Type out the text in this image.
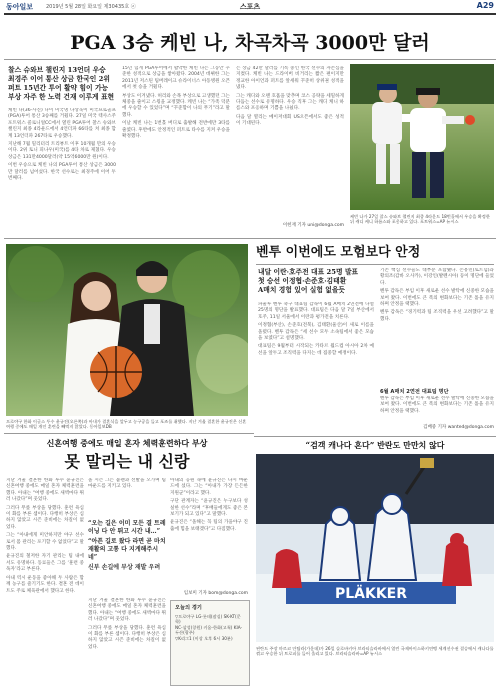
동아일보	2019년 5월 28일 화요일 제30435호 ⓐ	스포츠	A29
PGA 3승 케빈 나, 차곡차곡 3000만 달러
찰스 슈와브 챌린지 13언더 우승
최경주 이어 통산 상금 한국인 2위
퍼트 15년간 투어 활약 힘이 가능
부상 자주 한 노력 건재 이루게 표현

케빈 나(36·사진) 나이 미국명 나상욱이 미국프로골프(PGA)투어 통산 3승째를 거뒀다. 27일 미국 텍사스주 포트워스 콜로니얼CC에서 열린 PGA투어 찰스 슈와브 챌린지 최종 4라운드에서 4언더파 66타를 쳐 최종 합계 13언더파 267타로 우승했다.

지난해 7월 밀리터리 트리뷰트 이후 10개월 만의 우승이다. 2위 토니 피나우(미국)를 4타 차로 제쳤다. 우승 상금은 131만4000달러(약 15억6000만 원)이다.

이번 우승으로 케빈 나의 PGA투어 통산 상금은 3000만 달러를 넘어섰다. 한국 선수로는 최경주에 이어 두 번째다.

15년 넘게 PGA투어에서 활약한 케빈 나는 그동안 꾸준한 성적으로 상금을 쌓아왔다. 2004년 데뷔한 그는 2011년 저스틴 팀버레이크 슈라이너스 아동병원 오픈에서 첫 승을 거뒀다.

부상도 이겨냈다. 허리와 손목 부상으로 고생했던 그는 체중을 줄이고 스윙을 교정했다. 케빈 나는 “가족 덕분에 우승할 수 있었다”며 “꾸준함이 나의 무기”라고 말했다.

이날 케빈 나는 1번홀 버디로 출발해 전반에만 3타를 줄였다. 후반에도 안정적인 퍼트로 타수를 지켜 우승을 확정했다.

는 상금 42만 달러를 기록 중인 한국 선수의 자존심을 지켰다. 케빈 나는 드라이버 비거리는 짧은 편이지만 정교한 아이언과 퍼트를 앞세워 꾸준히 상위권 성적을 냈다.

그는 캐디와 오랜 호흡을 맞추며 코스 공략을 세밀하게 다듬는 선수로 유명하다. 우승 직후 그는 캐디 케니 하름스와 포옹하며 기쁨을 나눴다.

다음 달 열리는 메이저대회 US오픈에서도 좋은 성적이 기대된다.

이헌재 기자 uni@donga.com
케빈 나가 27일 찰스 슈와브 챌린지 최종 4라운드 18번홀에서 우승을 확정한 뒤 캐디 케니 하름스와 포옹하고 있다. 포트워스=AP 뉴시스
프로야구 한화 이글스 투수 윤규진(오른쪽)과 아내가 결혼식을 앞두고 농구공을 들고 포즈를 취했다. 지난 겨울 결혼한 윤규진은 신혼여행 중에도 매일 개인 훈련을 빼먹지 않았다. 동아일보DB
벤투 이번에도 모험보다 안정
내달 이란·호주전 대표 25명 발표
첫 승선 이정협·손준호·김태환
A매치 경험 있어 실험 없을듯

파울루 벤투 축구 대표팀 감독이 6월 A매치 2연전에 나설 25명의 명단을 발표했다. 대표팀은 다음 달 7일 부산에서 호주, 11일 서울에서 이란과 평가전을 치른다.

이정협(부산), 손준호(전북), 김태환(울산)이 새로 이름을 올렸다. 벤투 감독은 “세 선수 모두 소속팀에서 좋은 모습을 보였다”고 설명했다.

대표팀은 9월부터 시작되는 카타르 월드컵 아시아 2차 예선을 앞두고 조직력을 다지는 데 집중할 예정이다.

기존 핵심 선수들도 대부분 포함됐다. 손흥민(토트넘)과 황의조(감바 오사카), 이강인(발렌시아) 등이 명단에 들었다.

벤투 감독은 부임 이후 새로운 선수 발탁에 신중한 모습을 보여 왔다. 이번에도 큰 폭의 변화보다는 기존 틀을 유지하며 안정을 택했다.

벤투 감독은 “경기력과 팀 조직력을 우선 고려했다”고 말했다.

6월 A매치 2연전 대표팀 명단

벤투 감독은 부임 이후 새로운 선수 발탁에 신중한 모습을 보여 왔다. 이번에도 큰 폭의 변화보다는 기존 틀을 유지하며 안정을 택했다.

김배중 기자 wanted@donga.com
신혼여행 중에도 매일 혼자 체력훈련하다 부상
못 말리는 내 신랑

지난 겨울 결혼한 한화 투수 윤규진은 신혼여행 중에도 매일 혼자 체력훈련을 했다. 아내는 “여행 중에도 새벽마다 뛰러 나갔다”며 웃었다.

그러다 무릎 부상을 당했다. 훈련 욕심이 화를 부른 셈이다. 다행히 부상은 심하지 않았고 시즌 준비에는 차질이 없었다.

그는 “아내에게 미안하지만 야구 선수로서 몸 관리는 포기할 수 없었다”고 말했다.

윤규진의 철저한 자기 관리는 팀 내에서도 유명하다. 동료들은 그를 ‘훈련 중독자’라고 부른다.

아내 역시 운동을 좋아해 두 사람은 함께 농구를 즐기기도 한다. 결혼 전 데이트도 주로 체육관에서 했다고 한다.

올 시즌 그는 불펜과 선발을 오가며 팀 마운드를 지키고 있다.

“오는 길은 이미 모든 결 트레이닝 다 안 뛰고 시간 내…”
“아픈 길로 왔다 라면 곧 마치 재활의 고통 다 지게해주시네”
신부 손길에 부상 재발 우려

지난 겨울 결혼한 한화 투수 윤규진은 신혼여행 중에도 매일 혼자 체력훈련을 했다. 아내는 “여행 중에도 새벽마다 뛰러 나갔다”며 웃었다.

그러다 무릎 부상을 당했다. 훈련 욕심이 화를 부른 셈이다. 다행히 부상은 심하지 않았고 시즌 준비에는 차질이 없었다.

아내의 응원 속에 윤규진은 다시 마운드에 섰다. 그는 “아내가 가장 든든한 지원군”이라고 했다.

구단 관계자는 “윤규진은 누구보다 성실한 선수”라며 “후배들에게도 좋은 본보기가 되고 있다”고 말했다.

윤규진은 “올해는 꼭 팀의 가을야구 진출에 힘을 보태겠다”고 다짐했다.

임보미 기자 bom@donga.com
오늘의 경기
▽프로야구 LG-롯데(잠실) SK-KT(문학)
NC-삼성(창원) 키움-한화(고척) KIA-두산(광주)
▽K리그1 (이상 오후 6시 30분)
“검객 캐나다 혼다” 반란도 만만치 않다
PLÄKKER
핀란드 주장 마르코 안틸라(가운데)가 26일 슬로바키아 브라티슬라바에서 열린 국제아이스하키연맹 세계선수권 결승에서 캐나다를 꺾고 우승한 뒤 트로피를 들어 올리고 있다. 브라티슬라바=AP 뉴시스
